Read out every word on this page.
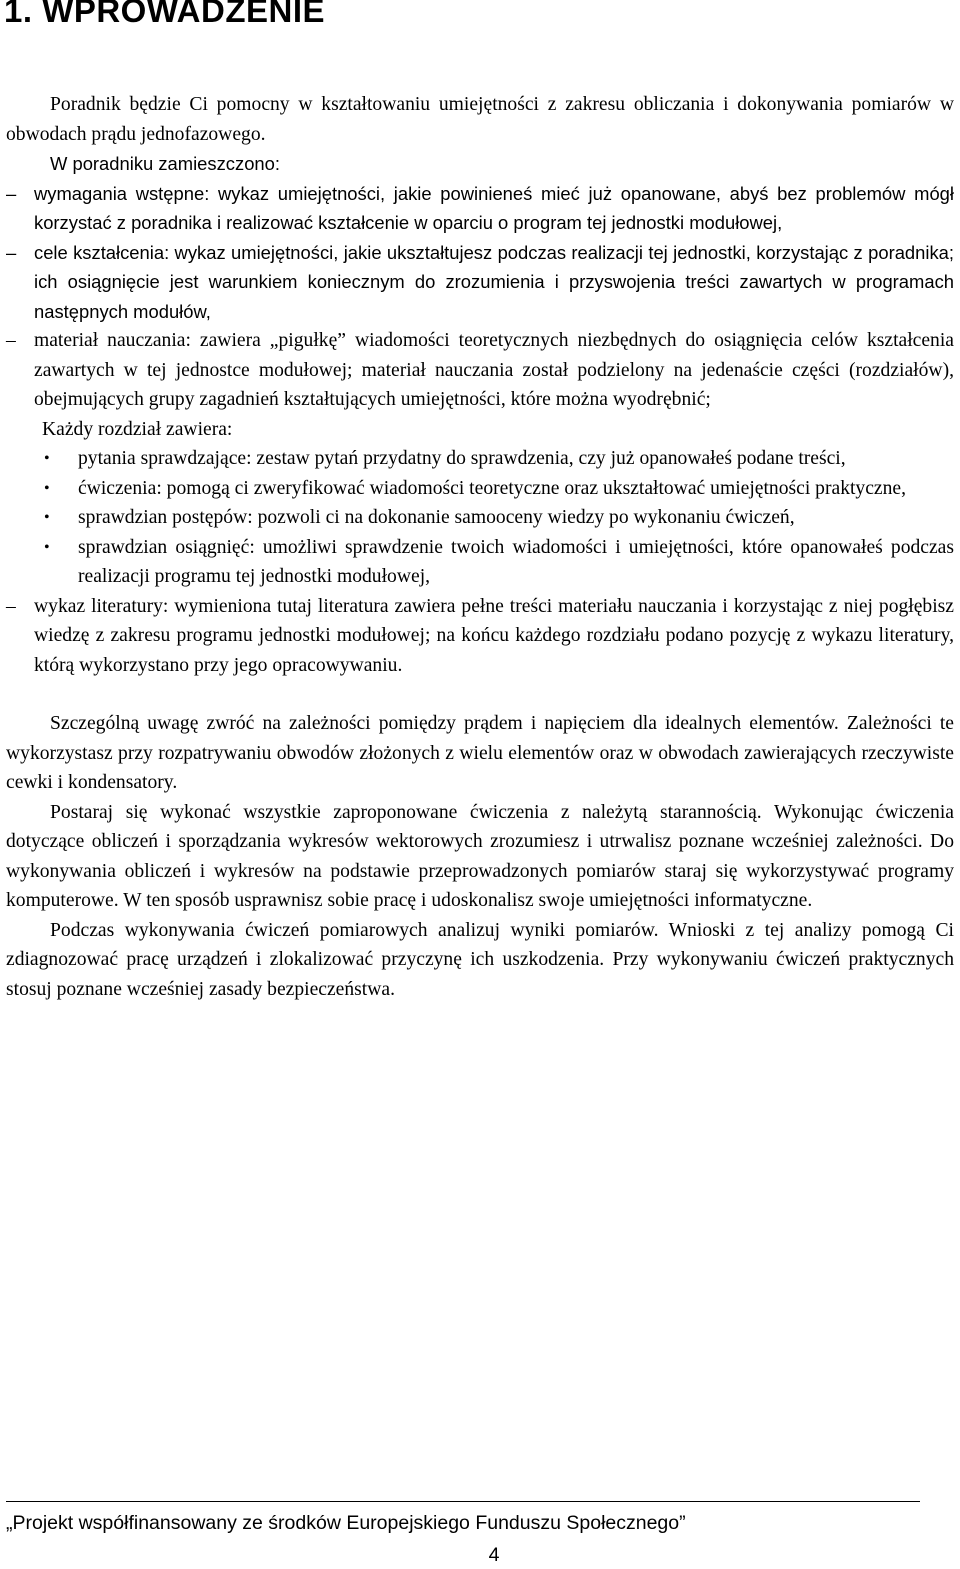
1. WPROWADZENIE

Poradnik będzie Ci pomocny w kształtowaniu umiejętności z zakresu obliczania i dokonywania pomiarów w obwodach prądu jednofazowego.

W poradniku zamieszczono:

– wymagania wstępne: wykaz umiejętności, jakie powinieneś mieć już opanowane, abyś bez problemów mógł korzystać z poradnika i realizować kształcenie w oparciu o program tej jednostki modułowej,
– cele kształcenia: wykaz umiejętności, jakie ukształtujesz podczas realizacji tej jednostki, korzystając z poradnika; ich osiągnięcie jest warunkiem koniecznym do zrozumienia i przyswojenia treści zawartych w programach następnych modułów,
– materiał nauczania: zawiera „pigułkę” wiadomości teoretycznych niezbędnych do osiągnięcia celów kształcenia zawartych w tej jednostce modułowej; materiał nauczania został podzielony na jedenaście części (rozdziałów), obejmujących grupy zagadnień kształtujących umiejętności, które można wyodrębnić;

Każdy rozdział zawiera:

• pytania sprawdzające: zestaw pytań przydatny do sprawdzenia, czy już opanowałeś podane treści,
• ćwiczenia: pomogą ci zweryfikować wiadomości teoretyczne oraz ukształtować umiejętności praktyczne,
• sprawdzian postępów: pozwoli ci na dokonanie samooceny wiedzy po wykonaniu ćwiczeń,
• sprawdzian osiągnięć: umożliwi sprawdzenie twoich wiadomości i umiejętności, które opanowałeś podczas realizacji programu tej jednostki modułowej,
– wykaz literatury: wymieniona tutaj literatura zawiera pełne treści materiału nauczania i korzystając z niej pogłębisz wiedzę z zakresu programu jednostki modułowej; na końcu każdego rozdziału podano pozycję z wykazu literatury, którą wykorzystano przy jego opracowywaniu.

Szczególną uwagę zwróć na zależności pomiędzy prądem i napięciem dla idealnych elementów. Zależności te wykorzystasz przy rozpatrywaniu obwodów złożonych z wielu elementów oraz w obwodach zawierających rzeczywiste cewki i kondensatory.

Postaraj się wykonać wszystkie zaproponowane ćwiczenia z należytą starannością. Wykonując ćwiczenia dotyczące obliczeń i sporządzania wykresów wektorowych zrozumiesz i utrwalisz poznane wcześniej zależności. Do wykonywania obliczeń i wykresów na podstawie przeprowadzonych pomiarów staraj się wykorzystywać programy komputerowe. W ten sposób usprawnisz sobie pracę i udoskonalisz swoje umiejętności informatyczne.

Podczas wykonywania ćwiczeń pomiarowych analizuj wyniki pomiarów. Wnioski z tej analizy pomogą Ci zdiagnozować pracę urządzeń i zlokalizować przyczynę ich uszkodzenia. Przy wykonywaniu ćwiczeń praktycznych stosuj poznane wcześniej zasady bezpieczeństwa.

„Projekt współfinansowany ze środków Europejskiego Funduszu Społecznego”
4
